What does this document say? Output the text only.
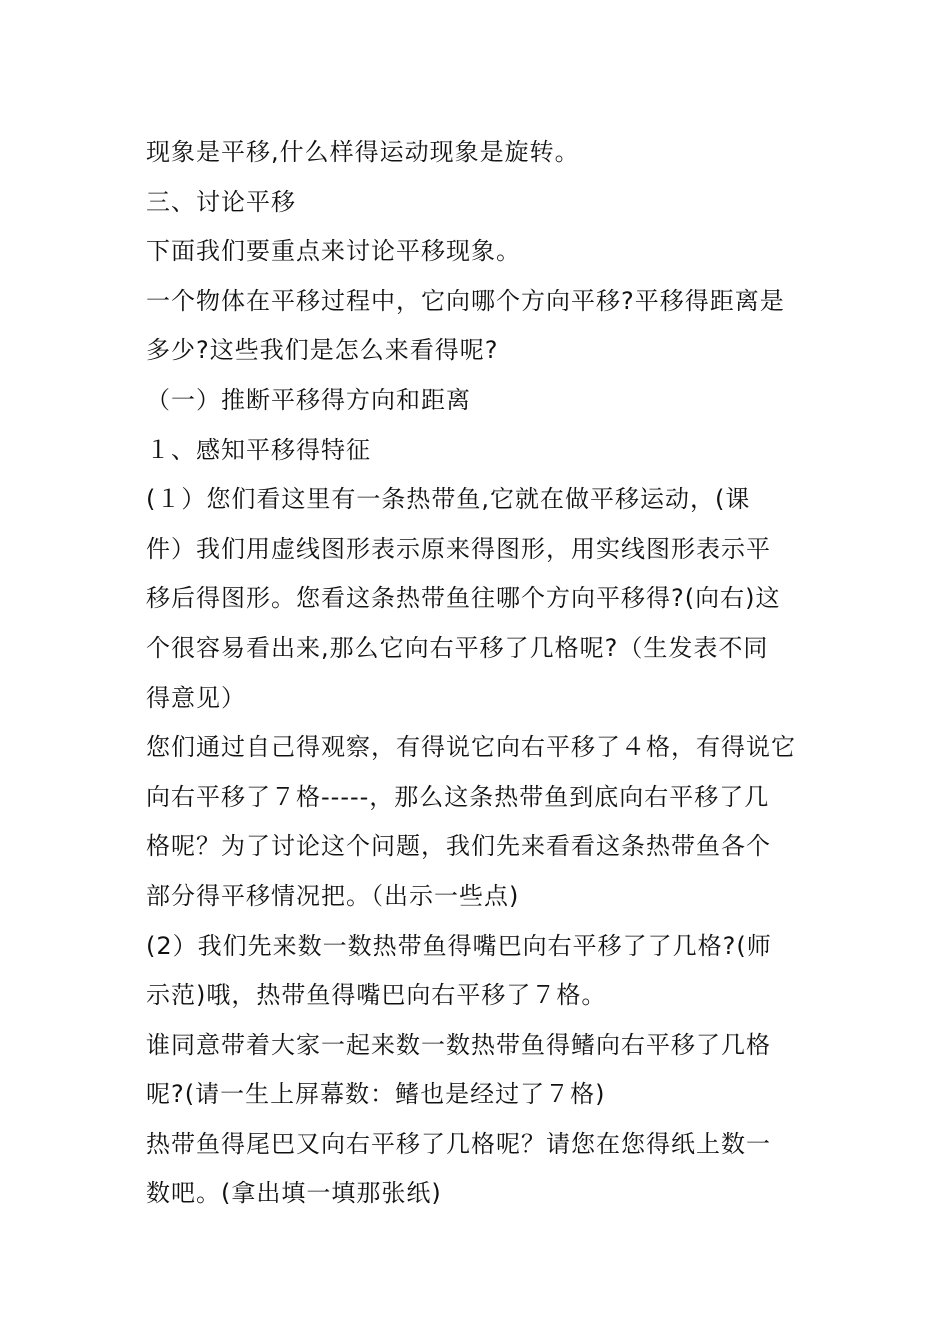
现象是平移,什么样得运动现象是旋转。

三、讨论平移

下面我们要重点来讨论平移现象。

一个物体在平移过程中，它向哪个方向平移?平移得距离是

多少?这些我们是怎么来看得呢?

（一）推断平移得方向和距离

１、感知平移得特征

(１）您们看这里有一条热带鱼,它就在做平移运动，(课

件）我们用虚线图形表示原来得图形，用实线图形表示平

移后得图形。您看这条热带鱼往哪个方向平移得?(向右)这

个很容易看出来,那么它向右平移了几格呢?（生发表不同

得意见）

您们通过自己得观察，有得说它向右平移了４格，有得说它

向右平移了７格-----，那么这条热带鱼到底向右平移了几

格呢？为了讨论这个问题，我们先来看看这条热带鱼各个

部分得平移情况把。（出示一些点)

(2）我们先来数一数热带鱼得嘴巴向右平移了了几格?(师

示范)哦，热带鱼得嘴巴向右平移了７格。

谁同意带着大家一起来数一数热带鱼得鳍向右平移了几格

呢?(请一生上屏幕数：鳍也是经过了７格)

热带鱼得尾巴又向右平移了几格呢？请您在您得纸上数一

数吧。(拿出填一填那张纸)
